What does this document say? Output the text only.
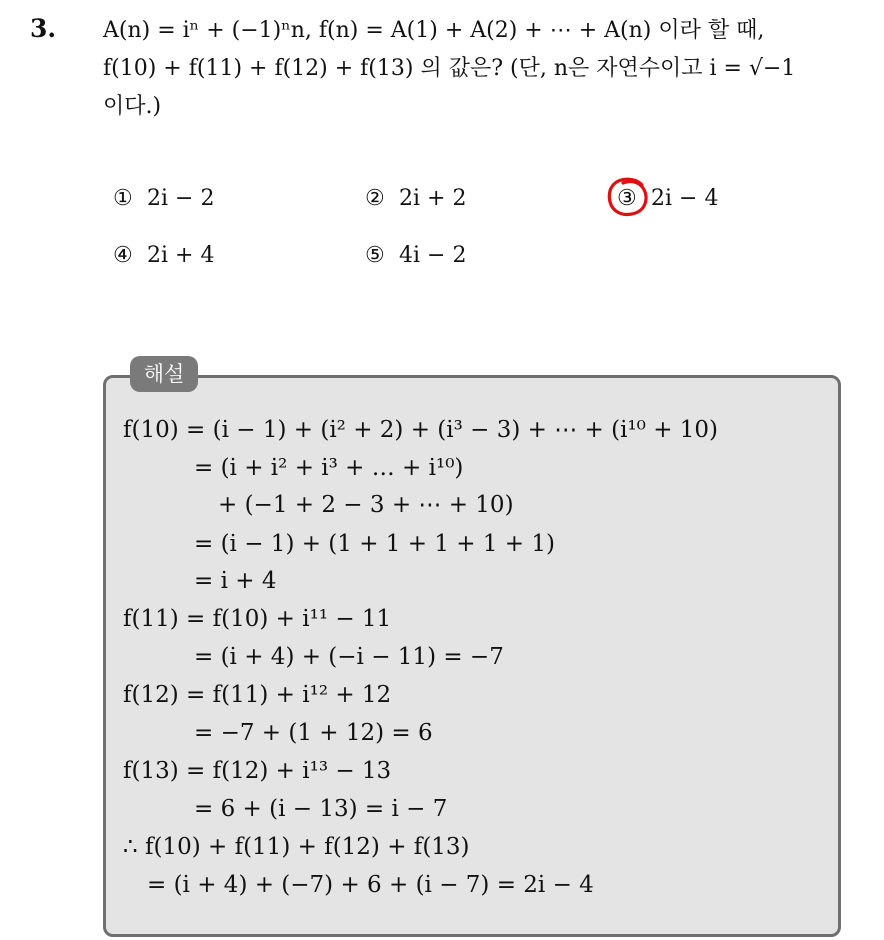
3. A(n) = iⁿ + (−1)ⁿn, f(n) = A(1) + A(2) + ⋯ + A(n) 이라 할 때,
f(10) + f(11) + f(12) + f(13) 의 값은? (단, n은 자연수이고 i = √−1
이다.)
① 2i − 2	② 2i + 2	③ 2i − 4
④ 2i + 4	⑤ 4i − 2
해설
f(10) = (i − 1) + (i² + 2) + (i³ − 3) + ⋯ + (i¹⁰ + 10)
= (i + i² + i³ + … + i¹⁰)
+ (−1 + 2 − 3 + ⋯ + 10)
= (i − 1) + (1 + 1 + 1 + 1 + 1)
= i + 4
f(11) = f(10) + i¹¹ − 11
= (i + 4) + (−i − 11) = −7
f(12) = f(11) + i¹² + 12
= −7 + (1 + 12) = 6
f(13) = f(12) + i¹³ − 13
= 6 + (i − 13) = i − 7
∴ f(10) + f(11) + f(12) + f(13)
= (i + 4) + (−7) + 6 + (i − 7) = 2i − 4
